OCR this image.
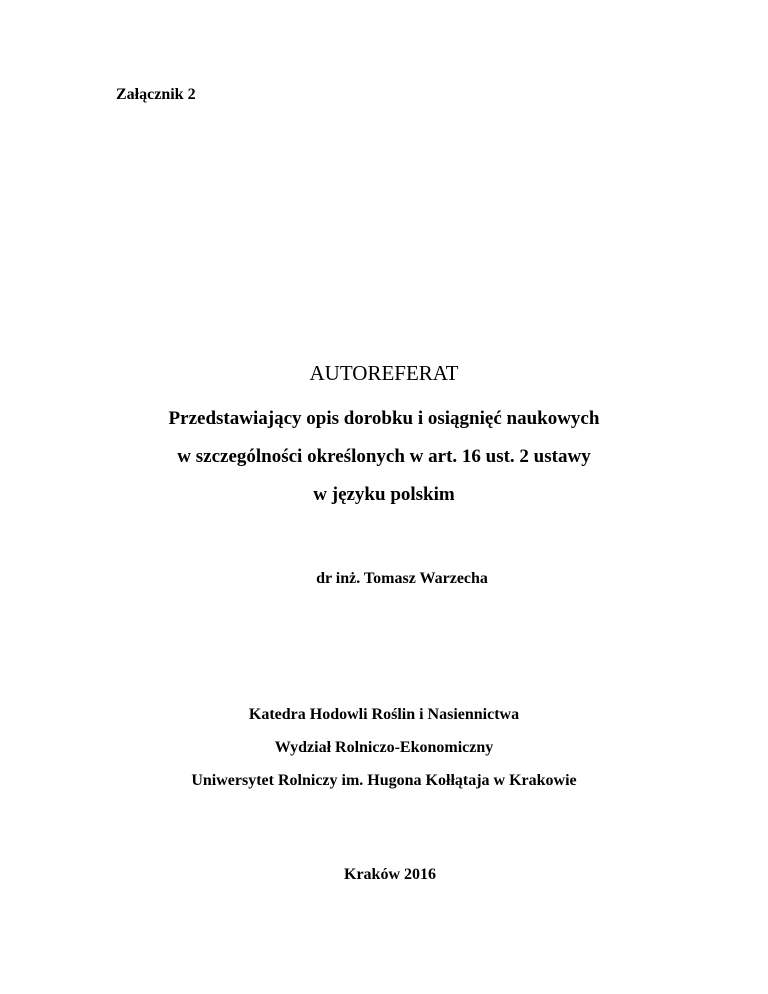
Załącznik 2
AUTOREFERAT
Przedstawiający opis dorobku i osiągnięć naukowych
w szczególności określonych w art. 16 ust. 2 ustawy
w języku polskim
dr inż. Tomasz Warzecha
Katedra Hodowli Roślin i Nasiennictwa
Wydział Rolniczo-Ekonomiczny
Uniwersytet Rolniczy im. Hugona Kołłątaja w Krakowie
Kraków 2016
